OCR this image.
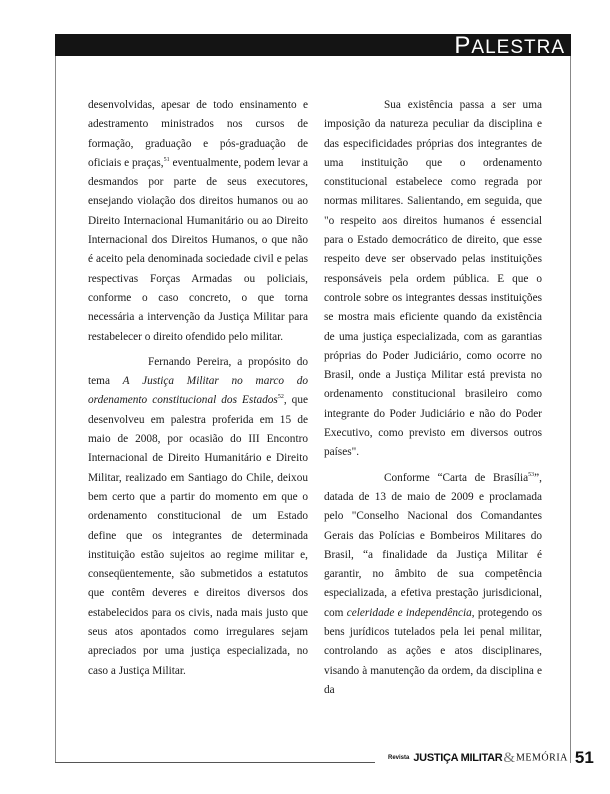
PALESTRA

desenvolvidas, apesar de todo ensinamento e adestramento ministrados nos cursos de formação, graduação e pós-graduação de oficiais e praças,$^{51}$ eventualmente, podem levar a desmandos por parte de seus executores, ensejando violação dos direitos humanos ou ao Direito Internacional Humanitário ou ao Direito Internacional dos Direitos Humanos, o que não é aceito pela denominada sociedade civil e pelas respectivas Forças Armadas ou policiais, conforme o caso concreto, o que torna necessária a intervenção da Justiça Militar para restabelecer o direito ofendido pelo militar.

Fernando Pereira, a propósito do tema A Justiça Militar no marco do ordenamento constitucional dos Estados$^{52}$, que desenvolveu em palestra proferida em 15 de maio de 2008, por ocasião do III Encontro Internacional de Direito Humanitário e Direito Militar, realizado em Santiago do Chile, deixou bem certo que a partir do momento em que o ordenamento constitucional de um Estado define que os integrantes de determinada instituição estão sujeitos ao regime militar e, conseqüentemente, são submetidos a estatutos que contêm deveres e direitos diversos dos estabelecidos para os civis, nada mais justo que seus atos apontados como irregulares sejam apreciados por uma justiça especializada, no caso a Justiça Militar.

Sua existência passa a ser uma imposição da natureza peculiar da disciplina e das especificidades próprias dos integrantes de uma instituição que o ordenamento constitucional estabelece como regrada por normas militares. Salientando, em seguida, que "o respeito aos direitos humanos é essencial para o Estado democrático de direito, que esse respeito deve ser observado pelas instituições responsáveis pela ordem pública. E que o controle sobre os integrantes dessas instituições se mostra mais eficiente quando da existência de uma justiça especializada, com as garantias próprias do Poder Judiciário, como ocorre no Brasil, onde a Justiça Militar está prevista no ordenamento constitucional brasileiro como integrante do Poder Judiciário e não do Poder Executivo, como previsto em diversos outros países".

Conforme “Carta de Brasília$^{53}$”, datada de 13 de maio de 2009 e proclamada pelo "Conselho Nacional dos Comandantes Gerais das Polícias e Bombeiros Militares do Brasil, “a finalidade da Justiça Militar é garantir, no âmbito de sua competência especializada, a efetiva prestação jurisdicional, com celeridade e independência, protegendo os bens jurídicos tutelados pela lei penal militar, controlando as ações e atos disciplinares, visando à manutenção da ordem, da disciplina e da

Revista JUSTIÇA MILITAR&MEMÓRIA 51
